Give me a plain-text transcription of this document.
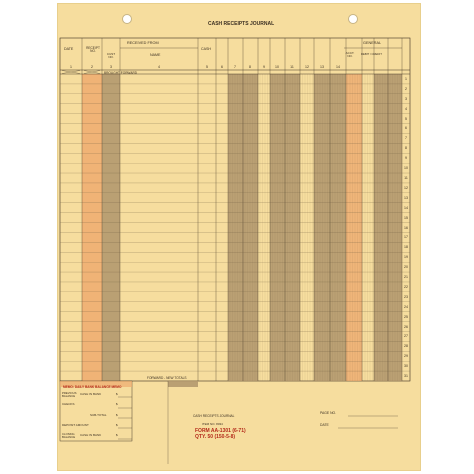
CASH RECEIPTS JOURNAL
DATE	RECEIPT NO.
RECEIVED FROM
CUST NO.	NAME
CASH
GENERAL
ACCT. NO.	DEBIT / CREDIT
1	2	3	4	5	6	7	8	9	10	11	12	13	14
BROUGHT FORWARD
FORWARD - NEW TOTALS
1
2
3
4
5
6
7
8
9
10
11
12
13
14
15
16
17
18
19
20
21
22
23
24
25
26
27
28
29
30
31
MEMO: DAILY BANK BALANCE MEMO
PREVIOUS BALANCE	CASH IN BANK	$
CHECKS	$
SUB-TOTAL	$
DEPOSIT AMOUNT	$
CLOSING BALANCE	CASH IN BANK	$
CASH RECEIPTS JOURNAL
ITEM NO. 8034
FORM AA-1301 (6-71)
QTY. 50 (150-5-8)
PAGE NO.
DATE
